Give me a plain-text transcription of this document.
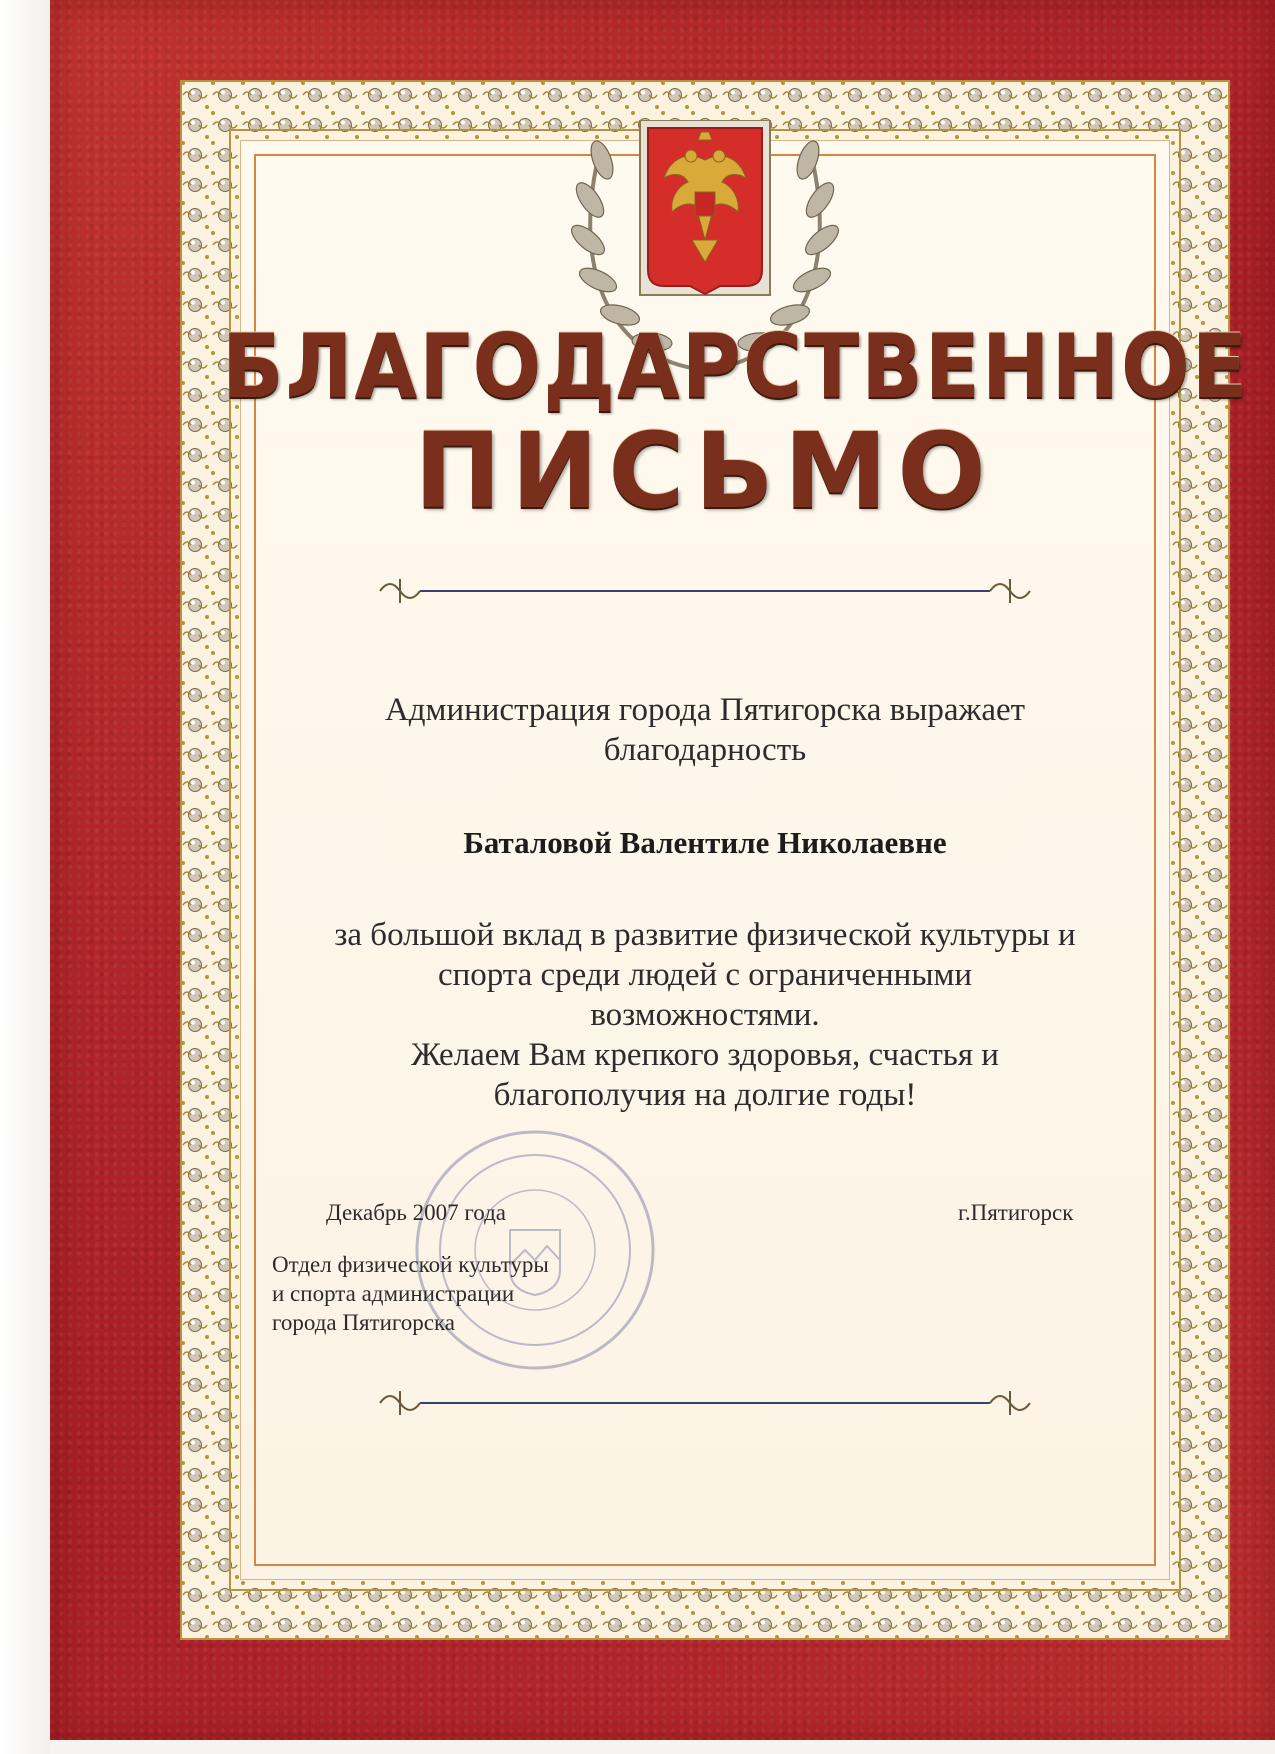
БЛАГОДАРСТВЕННОЕ
ПИСЬМО
Администрация города Пятигорска выражает
благодарность
Баталовой Валентиле Николаевне
за большой вклад в развитие физической культуры и
спорта среди людей с ограниченными
возможностями.
Желаем Вам крепкого здоровья, счастья и
благополучия на долгие годы!
Декабрь 2007 года	г.Пятигорск
Отдел физической культуры
и спорта администрации
города Пятигорска
